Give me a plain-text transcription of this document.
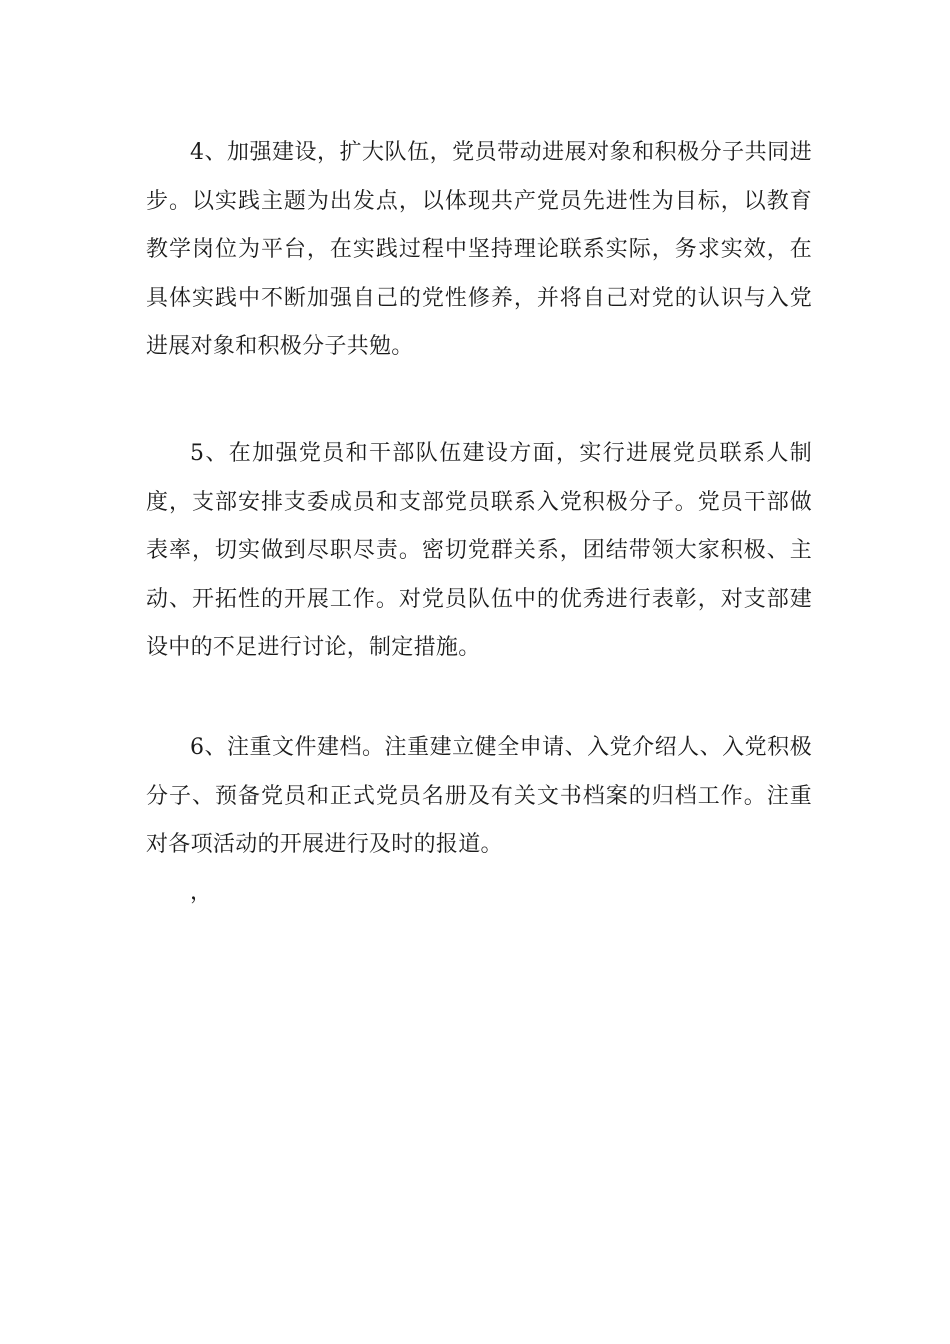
4、加强建设，扩大队伍，党员带动进展对象和积极分子共同进步。以实践主题为出发点，以体现共产党员先进性为目标，以教育教学岗位为平台，在实践过程中坚持理论联系实际，务求实效，在具体实践中不断加强自己的党性修养，并将自己对党的认识与入党进展对象和积极分子共勉。

5、在加强党员和干部队伍建设方面，实行进展党员联系人制度，支部安排支委成员和支部党员联系入党积极分子。党员干部做表率，切实做到尽职尽责。密切党群关系，团结带领大家积极、主动、开拓性的开展工作。对党员队伍中的优秀进行表彰，对支部建设中的不足进行讨论，制定措施。

6、注重文件建档。注重建立健全申请、入党介绍人、入党积极分子、预备党员和正式党员名册及有关文书档案的归档工作。注重对各项活动的开展进行及时的报道。

，
